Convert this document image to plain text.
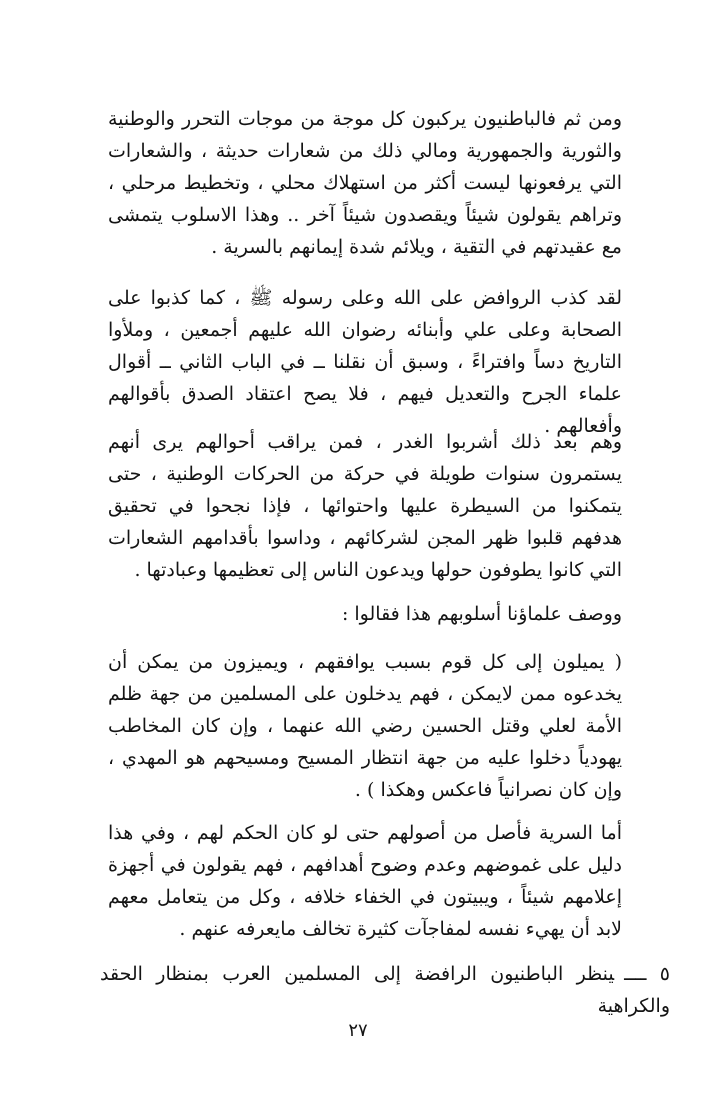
ومن ثم فالباطنيون يركبون كل موجة من موجات التحرر والوطنية والثورية والجمهورية ومالي ذلك من شعارات حديثة ، والشعارات التي يرفعونها ليست أكثر من استهلاك محلي ، وتخطيط مرحلي ، وتراهم يقولون شيئاً ويقصدون شيئاً آخر .. وهذا الاسلوب يتمشى مع عقيدتهم في التقية ، ويلائم شدة إيمانهم بالسرية .

لقد كذب الروافض على الله وعلى رسوله ﷺ ، كما كذبوا على الصحابة وعلى علي وأبنائه رضوان الله عليهم أجمعين ، وملأوا التاريخ دساً وافتراءً ، وسبق أن نقلنا ــ في الباب الثاني ــ أقوال علماء الجرح والتعديل فيهم ، فلا يصح اعتقاد الصدق بأقوالهم وأفعالهم .

وهم بعد ذلك أشربوا الغدر ، فمن يراقب أحوالهم يرى أنهم يستمرون سنوات طويلة في حركة من الحركات الوطنية ، حتى يتمكنوا من السيطرة عليها واحتوائها ، فإذا نجحوا في تحقيق هدفهم قلبوا ظهر المجن لشركائهم ، وداسوا بأقدامهم الشعارات التي كانوا يطوفون حولها ويدعون الناس إلى تعظيمها وعبادتها .

ووصف علماؤنا أسلوبهم هذا فقالوا :

( يميلون إلى كل قوم بسبب يوافقهم ، ويميزون من يمكن أن يخدعوه ممن لايمكن ، فهم يدخلون على المسلمين من جهة ظلم الأمة لعلي وقتل الحسين رضي الله عنهما ، وإن كان المخاطب يهودياً دخلوا عليه من جهة انتظار المسيح ومسيحهم هو المهدي ، وإن كان نصرانياً فاعكس وهكذا ) .

أما السرية فأصل من أصولهم حتى لو كان الحكم لهم ، وفي هذا دليل على غموضهم وعدم وضوح أهدافهم ، فهم يقولون في أجهزة إعلامهم شيئاً ، ويبيتون في الخفاء خلافه ، وكل من يتعامل معهم لابد أن يهيء نفسه لمفاجآت كثيرة تخالف مايعرفه عنهم .

٥ ــــينظر الباطنيون الرافضة إلى المسلمين العرب بمنظار الحقد والكراهية

٢٧
